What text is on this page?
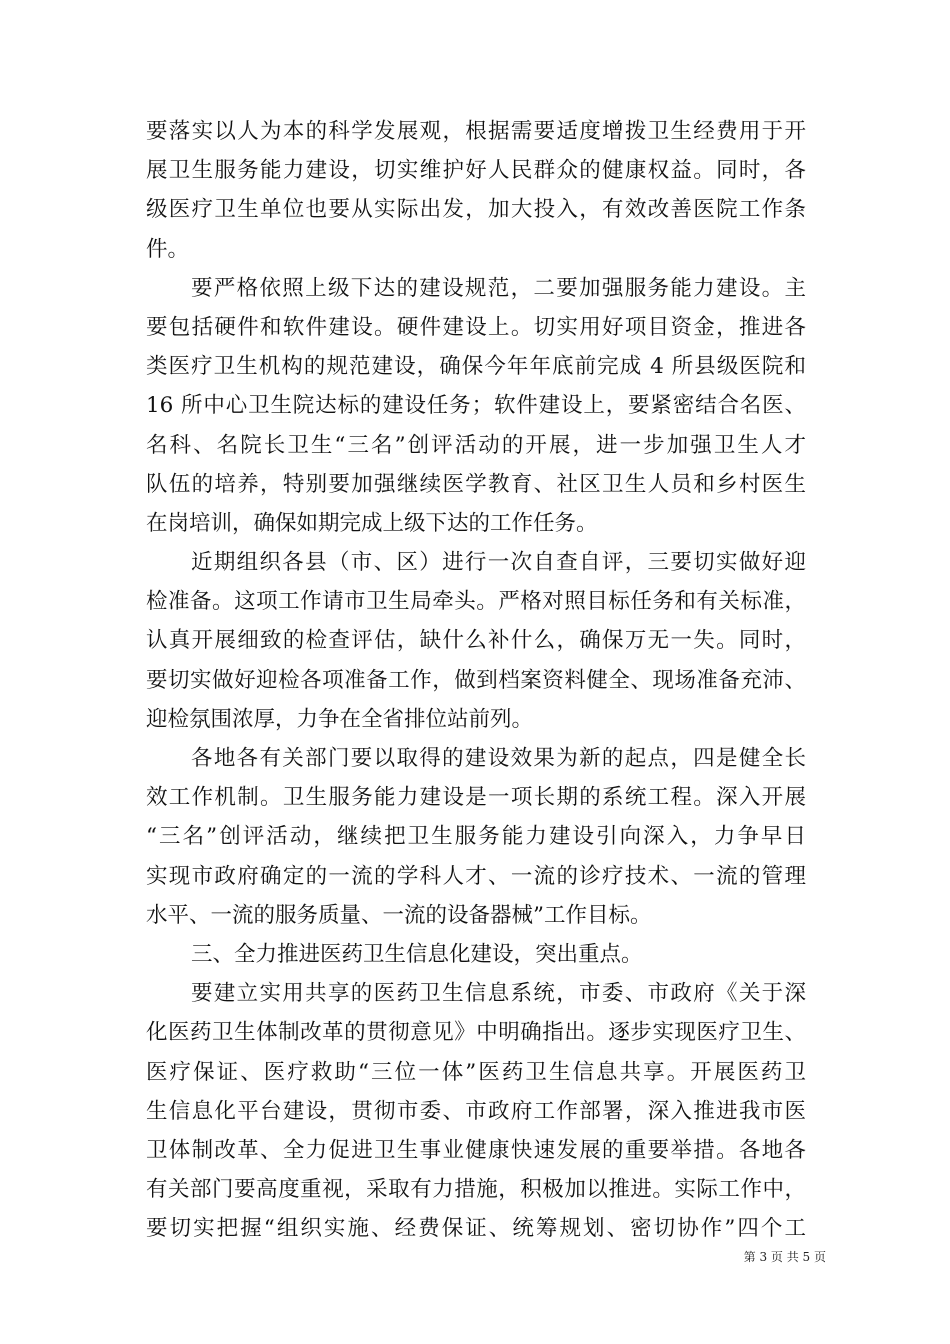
要落实以人为本的科学发展观，根据需要适度增拨卫生经费用于开
展卫生服务能力建设，切实维护好人民群众的健康权益。同时，各
级医疗卫生单位也要从实际出发，加大投入，有效改善医院工作条
件。
要严格依照上级下达的建设规范，二要加强服务能力建设。主
要包括硬件和软件建设。硬件建设上。切实用好项目资金，推进各
类医疗卫生机构的规范建设，确保今年年底前完成 4 所县级医院和
16 所中心卫生院达标的建设任务；软件建设上，要紧密结合名医、
名科、名院长卫生“三名”创评活动的开展，进一步加强卫生人才
队伍的培养，特别要加强继续医学教育、社区卫生人员和乡村医生
在岗培训，确保如期完成上级下达的工作任务。
近期组织各县（市、区）进行一次自查自评，三要切实做好迎
检准备。这项工作请市卫生局牵头。严格对照目标任务和有关标准，
认真开展细致的检查评估，缺什么补什么，确保万无一失。同时，
要切实做好迎检各项准备工作，做到档案资料健全、现场准备充沛、
迎检氛围浓厚，力争在全省排位站前列。
各地各有关部门要以取得的建设效果为新的起点，四是健全长
效工作机制。卫生服务能力建设是一项长期的系统工程。深入开展
“三名”创评活动，继续把卫生服务能力建设引向深入，力争早日
实现市政府确定的一流的学科人才、一流的诊疗技术、一流的管理
水平、一流的服务质量、一流的设备器械”工作目标。
三、全力推进医药卫生信息化建设，突出重点。
要建立实用共享的医药卫生信息系统，市委、市政府《关于深
化医药卫生体制改革的贯彻意见》中明确指出。逐步实现医疗卫生、
医疗保证、医疗救助“三位一体”医药卫生信息共享。开展医药卫
生信息化平台建设，贯彻市委、市政府工作部署，深入推进我市医
卫体制改革、全力促进卫生事业健康快速发展的重要举措。各地各
有关部门要高度重视，采取有力措施，积极加以推进。实际工作中，
要切实把握“组织实施、经费保证、统筹规划、密切协作”四个工
第 3 页 共 5 页
